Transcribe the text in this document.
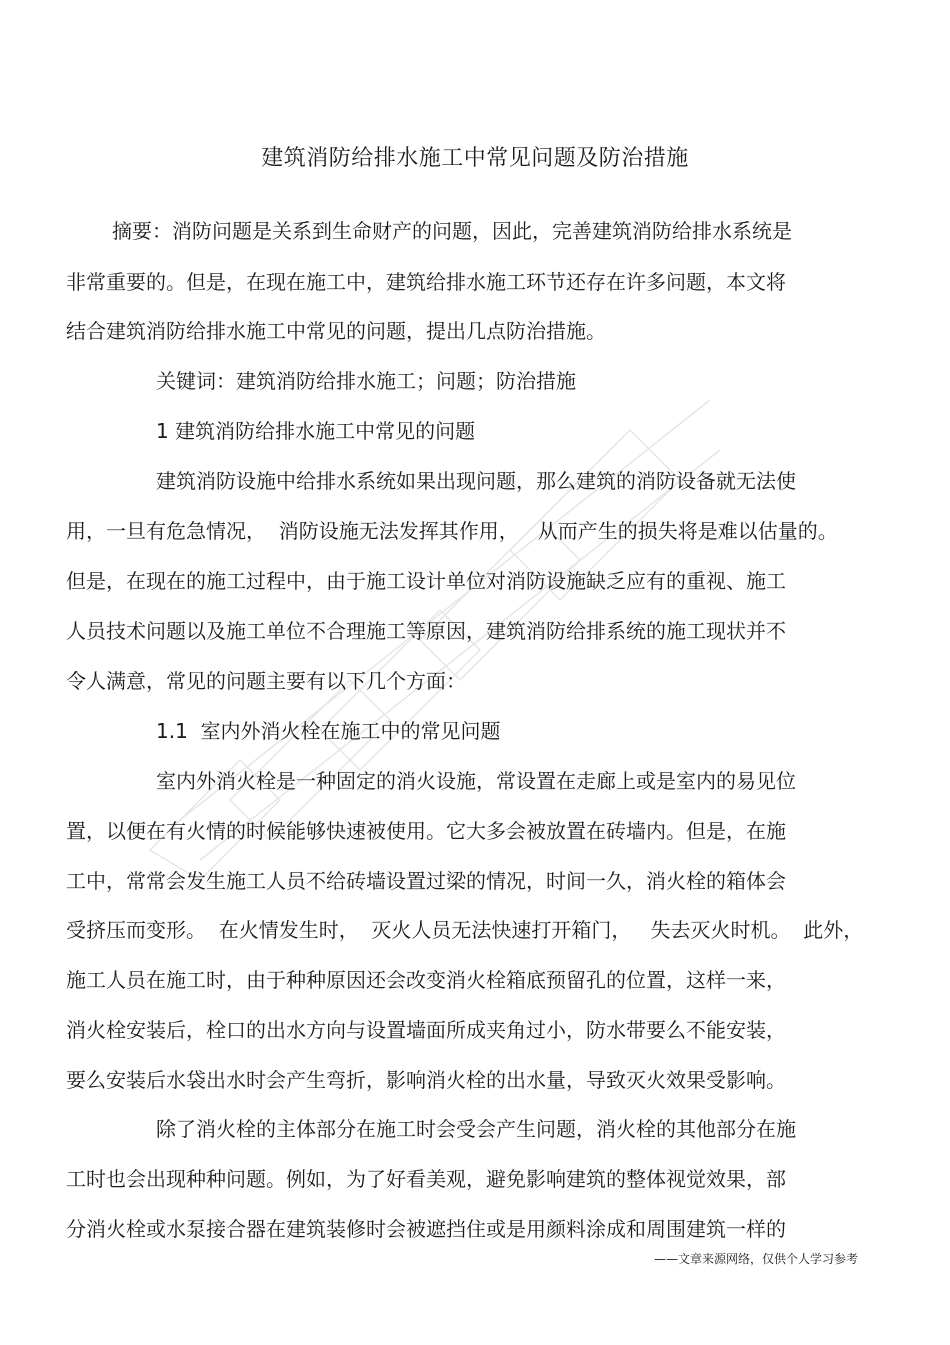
建筑消防给排水施工中常见问题及防治措施
摘要：消防问题是关系到生命财产的问题，因此，完善建筑消防给排水系统是
非常重要的。但是，在现在施工中，建筑给排水施工环节还存在许多问题，本文将
结合建筑消防给排水施工中常见的问题，提出几点防治措施。
关键词：建筑消防给排水施工；问题；防治措施
1 建筑消防给排水施工中常见的问题
建筑消防设施中给排水系统如果出现问题，那么建筑的消防设备就无法使
用，一旦有危急情况，  消防设施无法发挥其作用，   从而产生的损失将是难以估量的。
但是，在现在的施工过程中，由于施工设计单位对消防设施缺乏应有的重视、施工
人员技术问题以及施工单位不合理施工等原因，建筑消防给排系统的施工现状并不
令人满意，常见的问题主要有以下几个方面：
1.1  室内外消火栓在施工中的常见问题
室内外消火栓是一种固定的消火设施，常设置在走廊上或是室内的易见位
置，以便在有火情的时候能够快速被使用。它大多会被放置在砖墙内。但是，在施
工中，常常会发生施工人员不给砖墙设置过梁的情况，时间一久，消火栓的箱体会
受挤压而变形。  在火情发生时，  灭火人员无法快速打开箱门，   失去灭火时机。  此外，
施工人员在施工时，由于种种原因还会改变消火栓箱底预留孔的位置，这样一来，
消火栓安装后，栓口的出水方向与设置墙面所成夹角过小，防水带要么不能安装，
要么安装后水袋出水时会产生弯折，影响消火栓的出水量，导致灭火效果受影响。
除了消火栓的主体部分在施工时会受会产生问题，消火栓的其他部分在施
工时也会出现种种问题。例如，为了好看美观，避免影响建筑的整体视觉效果，部
分消火栓或水泵接合器在建筑装修时会被遮挡住或是用颜料涂成和周围建筑一样的
——文章来源网络，仅供个人学习参考
